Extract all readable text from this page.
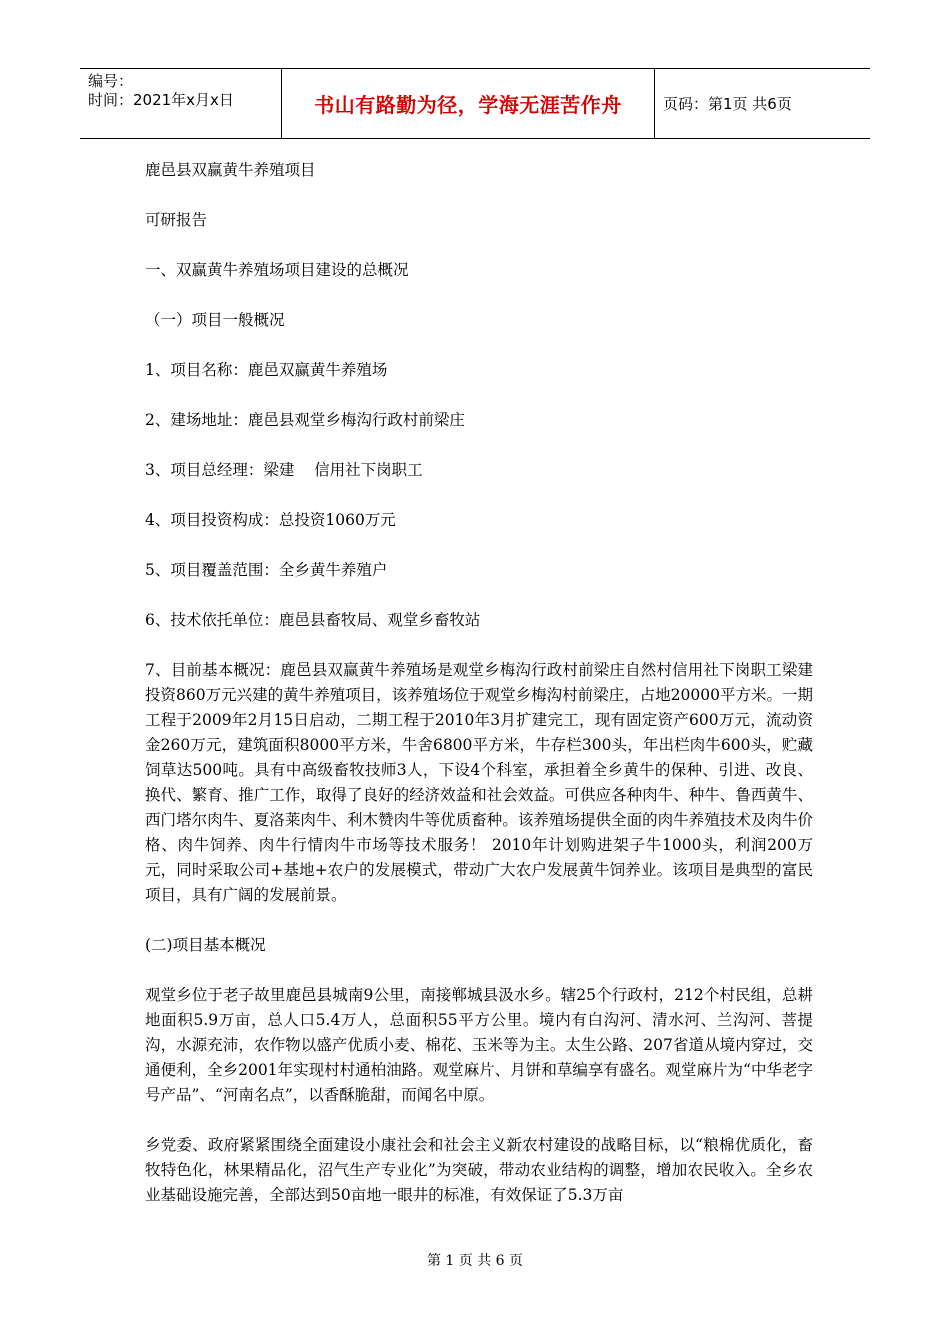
编号：
时间：2021年x月x日	书山有路勤为径，学海无涯苦作舟	页码：第1页 共6页

鹿邑县双赢黄牛养殖项目

可研报告

一、双赢黄牛养殖场项目建设的总概况

（一）项目一般概况

1、项目名称：鹿邑双赢黄牛养殖场

2、建场地址：鹿邑县观堂乡梅沟行政村前梁庄

3、项目总经理：梁建    信用社下岗职工

4、项目投资构成：总投资1060万元

5、项目覆盖范围：全乡黄牛养殖户

6、技术依托单位：鹿邑县畜牧局、观堂乡畜牧站

7、目前基本概况：鹿邑县双赢黄牛养殖场是观堂乡梅沟行政村前梁庄自然村信用社下岗职工梁建投资860万元兴建的黄牛养殖项目，该养殖场位于观堂乡梅沟村前梁庄，占地20000平方米。一期工程于2009年2月15日启动，二期工程于2010年3月扩建完工，现有固定资产600万元，流动资金260万元，建筑面积8000平方米，牛舍6800平方米，牛存栏300头，年出栏肉牛600头，贮藏饲草达500吨。具有中高级畜牧技师3人，下设4个科室，承担着全乡黄牛的保种、引进、改良、换代、繁育、推广工作，取得了良好的经济效益和社会效益。可供应各种肉牛、种牛、鲁西黄牛、西门塔尔肉牛、夏洛莱肉牛、利木赞肉牛等优质畜种。该养殖场提供全面的肉牛养殖技术及肉牛价格、肉牛饲养、肉牛行情肉牛市场等技术服务！ 2010年计划购进架子牛1000头，利润200万元，同时采取公司+基地+农户的发展模式，带动广大农户发展黄牛饲养业。该项目是典型的富民项目，具有广阔的发展前景。

(二)项目基本概况

观堂乡位于老子故里鹿邑县城南9公里，南接郸城县汲水乡。辖25个行政村，212个村民组，总耕地面积5.9万亩，总人口5.4万人，总面积55平方公里。境内有白沟河、清水河、兰沟河、菩提沟，水源充沛，农作物以盛产优质小麦、棉花、玉米等为主。太生公路、207省道从境内穿过，交通便利，全乡2001年实现村村通柏油路。观堂麻片、月饼和草编享有盛名。观堂麻片为“中华老字号产品”、“河南名点”，以香酥脆甜，而闻名中原。

乡党委、政府紧紧围绕全面建设小康社会和社会主义新农村建设的战略目标，以“粮棉优质化，畜牧特色化，林果精品化，沼气生产专业化”为突破，带动农业结构的调整，增加农民收入。全乡农业基础设施完善，全部达到50亩地一眼井的标准，有效保证了5.3万亩

第 1 页 共 6 页
